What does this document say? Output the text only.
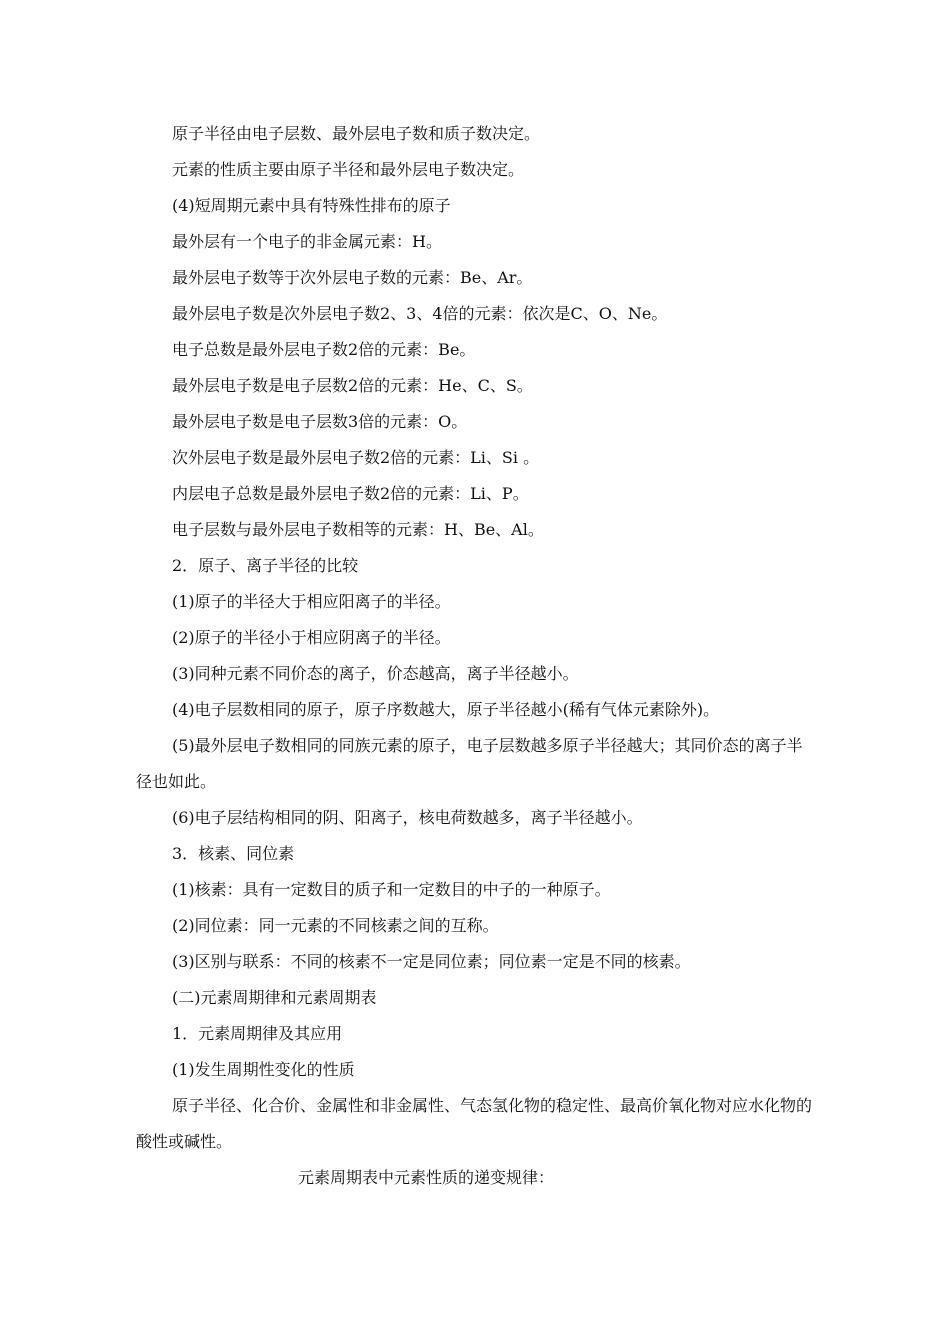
原子半径由电子层数、最外层电子数和质子数决定。

元素的性质主要由原子半径和最外层电子数决定。

(4)短周期元素中具有特殊性排布的原子

最外层有一个电子的非金属元素：H。

最外层电子数等于次外层电子数的元素：Be、Ar。

最外层电子数是次外层电子数2、3、4倍的元素：依次是C、O、Ne。

电子总数是最外层电子数2倍的元素：Be。

最外层电子数是电子层数2倍的元素：He、C、S。

最外层电子数是电子层数3倍的元素：O。

次外层电子数是最外层电子数2倍的元素：Li、Si 。

内层电子总数是最外层电子数2倍的元素：Li、P。

电子层数与最外层电子数相等的元素：H、Be、Al。

2．原子、离子半径的比较

(1)原子的半径大于相应阳离子的半径。

(2)原子的半径小于相应阴离子的半径。

(3)同种元素不同价态的离子，价态越高，离子半径越小。

(4)电子层数相同的原子，原子序数越大，原子半径越小(稀有气体元素除外)。

(5)最外层电子数相同的同族元素的原子，电子层数越多原子半径越大；其同价态的离子半径也如此。

(6)电子层结构相同的阴、阳离子，核电荷数越多，离子半径越小。

3．核素、同位素

(1)核素：具有一定数目的质子和一定数目的中子的一种原子。

(2)同位素：同一元素的不同核素之间的互称。

(3)区别与联系：不同的核素不一定是同位素；同位素一定是不同的核素。

(二)元素周期律和元素周期表

1．元素周期律及其应用

(1)发生周期性变化的性质

原子半径、化合价、金属性和非金属性、气态氢化物的稳定性、最高价氧化物对应水化物的酸性或碱性。

元素周期表中元素性质的递变规律：
